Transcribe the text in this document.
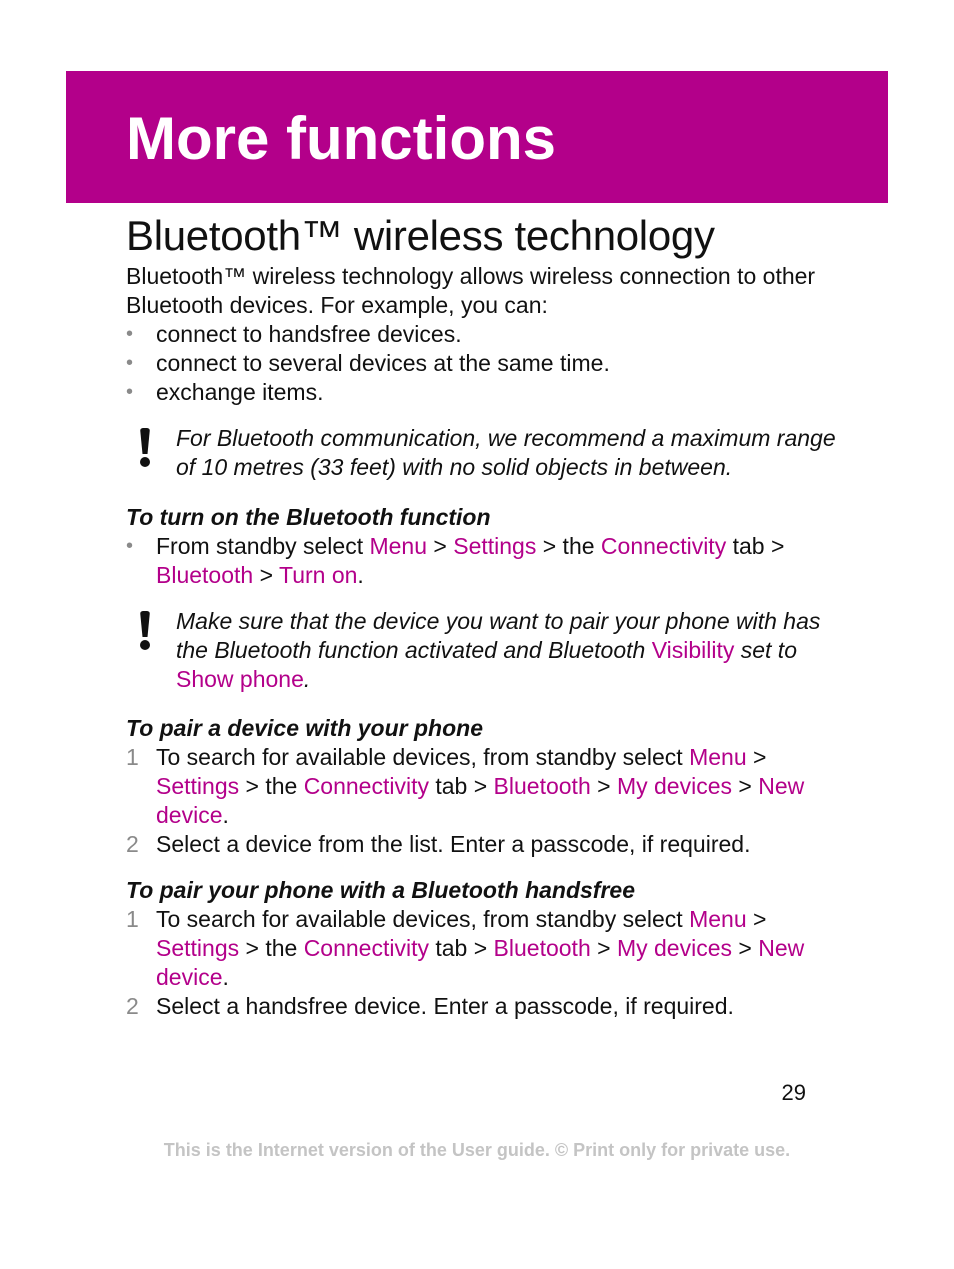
More functions
Bluetooth™ wireless technology

Bluetooth™ wireless technology allows wireless connection to other Bluetooth devices. For example, you can:

• connect to handsfree devices.
• connect to several devices at the same time.
• exchange items.
For Bluetooth communication, we recommend a maximum range of 10 metres (33 feet) with no solid objects in between.

To turn on the Bluetooth function

• From standby select Menu > Settings > the Connectivity tab > Bluetooth > Turn on.
Make sure that the device you want to pair your phone with has the Bluetooth function activated and Bluetooth Visibility set to Show phone.

To pair a device with your phone

1 To search for available devices, from standby select Menu > Settings > the Connectivity tab > Bluetooth > My devices > New device.
2 Select a device from the list. Enter a passcode, if required.

To pair your phone with a Bluetooth handsfree

1 To search for available devices, from standby select Menu > Settings > the Connectivity tab > Bluetooth > My devices > New device.
2 Select a handsfree device. Enter a passcode, if required.
29
This is the Internet version of the User guide. © Print only for private use.
